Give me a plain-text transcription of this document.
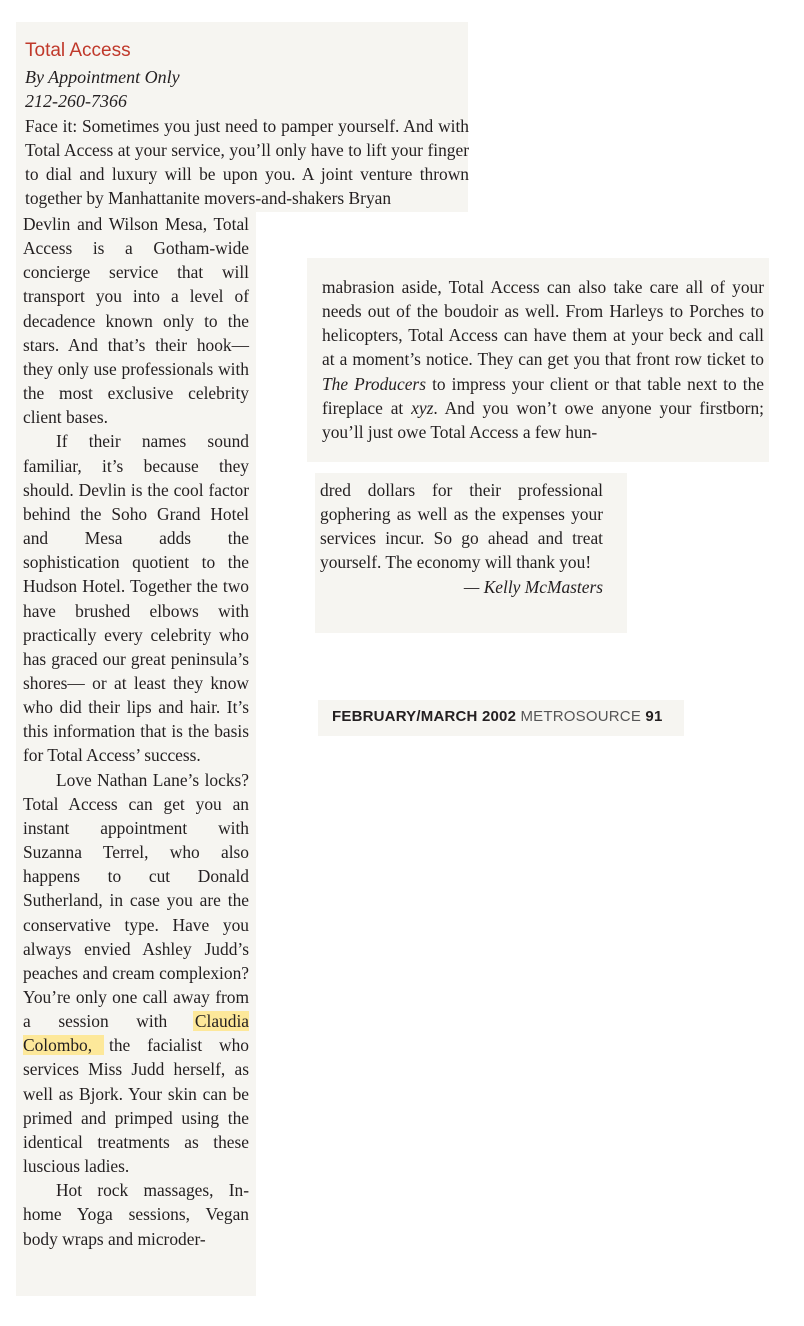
Total Access
By Appointment Only
212-260-7366

Face it: Sometimes you just need to pamper yourself. And with Total Access at your service, you’ll only have to lift your finger to dial and luxury will be upon you. A joint venture thrown together by Manhattanite movers-and-shakers Bryan

Devlin and Wilson Mesa, Total Access is a Gotham-wide concierge service that will transport you into a level of decadence known only to the stars. And that’s their hook—they only use professionals with the most exclusive celebrity client bases.

If their names sound familiar, it’s because they should. Devlin is the cool factor behind the Soho Grand Hotel and Mesa adds the sophistication quotient to the Hudson Hotel. Together the two have brushed elbows with practically every celebrity who has graced our great peninsula’s shores— or at least they know who did their lips and hair. It’s this information that is the basis for Total Access’ success.

Love Nathan Lane’s locks? Total Access can get you an instant appointment with Suzanna Terrel, who also happens to cut Donald Sutherland, in case you are the conservative type. Have you always envied Ashley Judd’s peaches and cream complexion? You’re only one call away from a session with Claudia Colombo, the facialist who services Miss Judd herself, as well as Bjork. Your skin can be primed and primped using the identical treatments as these luscious ladies.

Hot rock massages, In-home Yoga sessions, Vegan body wraps and microder-

mabrasion aside, Total Access can also take care all of your needs out of the boudoir as well. From Harleys to Porches to helicopters, Total Access can have them at your beck and call at a moment’s notice. They can get you that front row ticket to The Producers to impress your client or that table next to the fireplace at xyz. And you won’t owe anyone your firstborn; you’ll just owe Total Access a few hun-

dred dollars for their professional gophering as well as the expenses your services incur. So go ahead and treat yourself. The economy will thank you!

— Kelly McMasters

FEBRUARY/MARCH 2002 METROSOURCE 91
